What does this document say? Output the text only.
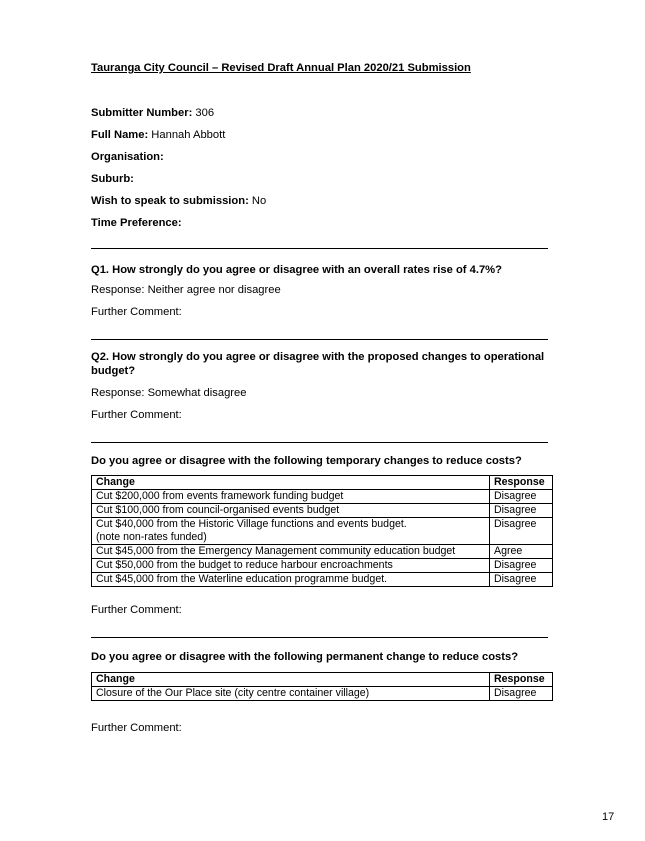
Tauranga City Council – Revised Draft Annual Plan 2020/21 Submission
Submitter Number: 306
Full Name: Hannah Abbott
Organisation:
Suburb:
Wish to speak to submission: No
Time Preference:
Q1. How strongly do you agree or disagree with an overall rates rise of 4.7%?
Response: Neither agree nor disagree
Further Comment:
Q2. How strongly do you agree or disagree with the proposed changes to operational budget?
Response: Somewhat disagree
Further Comment:
Do you agree or disagree with the following temporary changes to reduce costs?
Change	Response
Cut $200,000 from events framework funding budget	Disagree
Cut $100,000 from council-organised events budget	Disagree
Cut $40,000 from the Historic Village functions and events budget.
(note non-rates funded)	Disagree
Cut $45,000 from the Emergency Management community education budget	Agree
Cut $50,000 from the budget to reduce harbour encroachments	Disagree
Cut $45,000 from the Waterline education programme budget.	Disagree
Further Comment:
Do you agree or disagree with the following permanent change to reduce costs?
Change	Response
Closure of the Our Place site (city centre container village)	Disagree
Further Comment:
17
